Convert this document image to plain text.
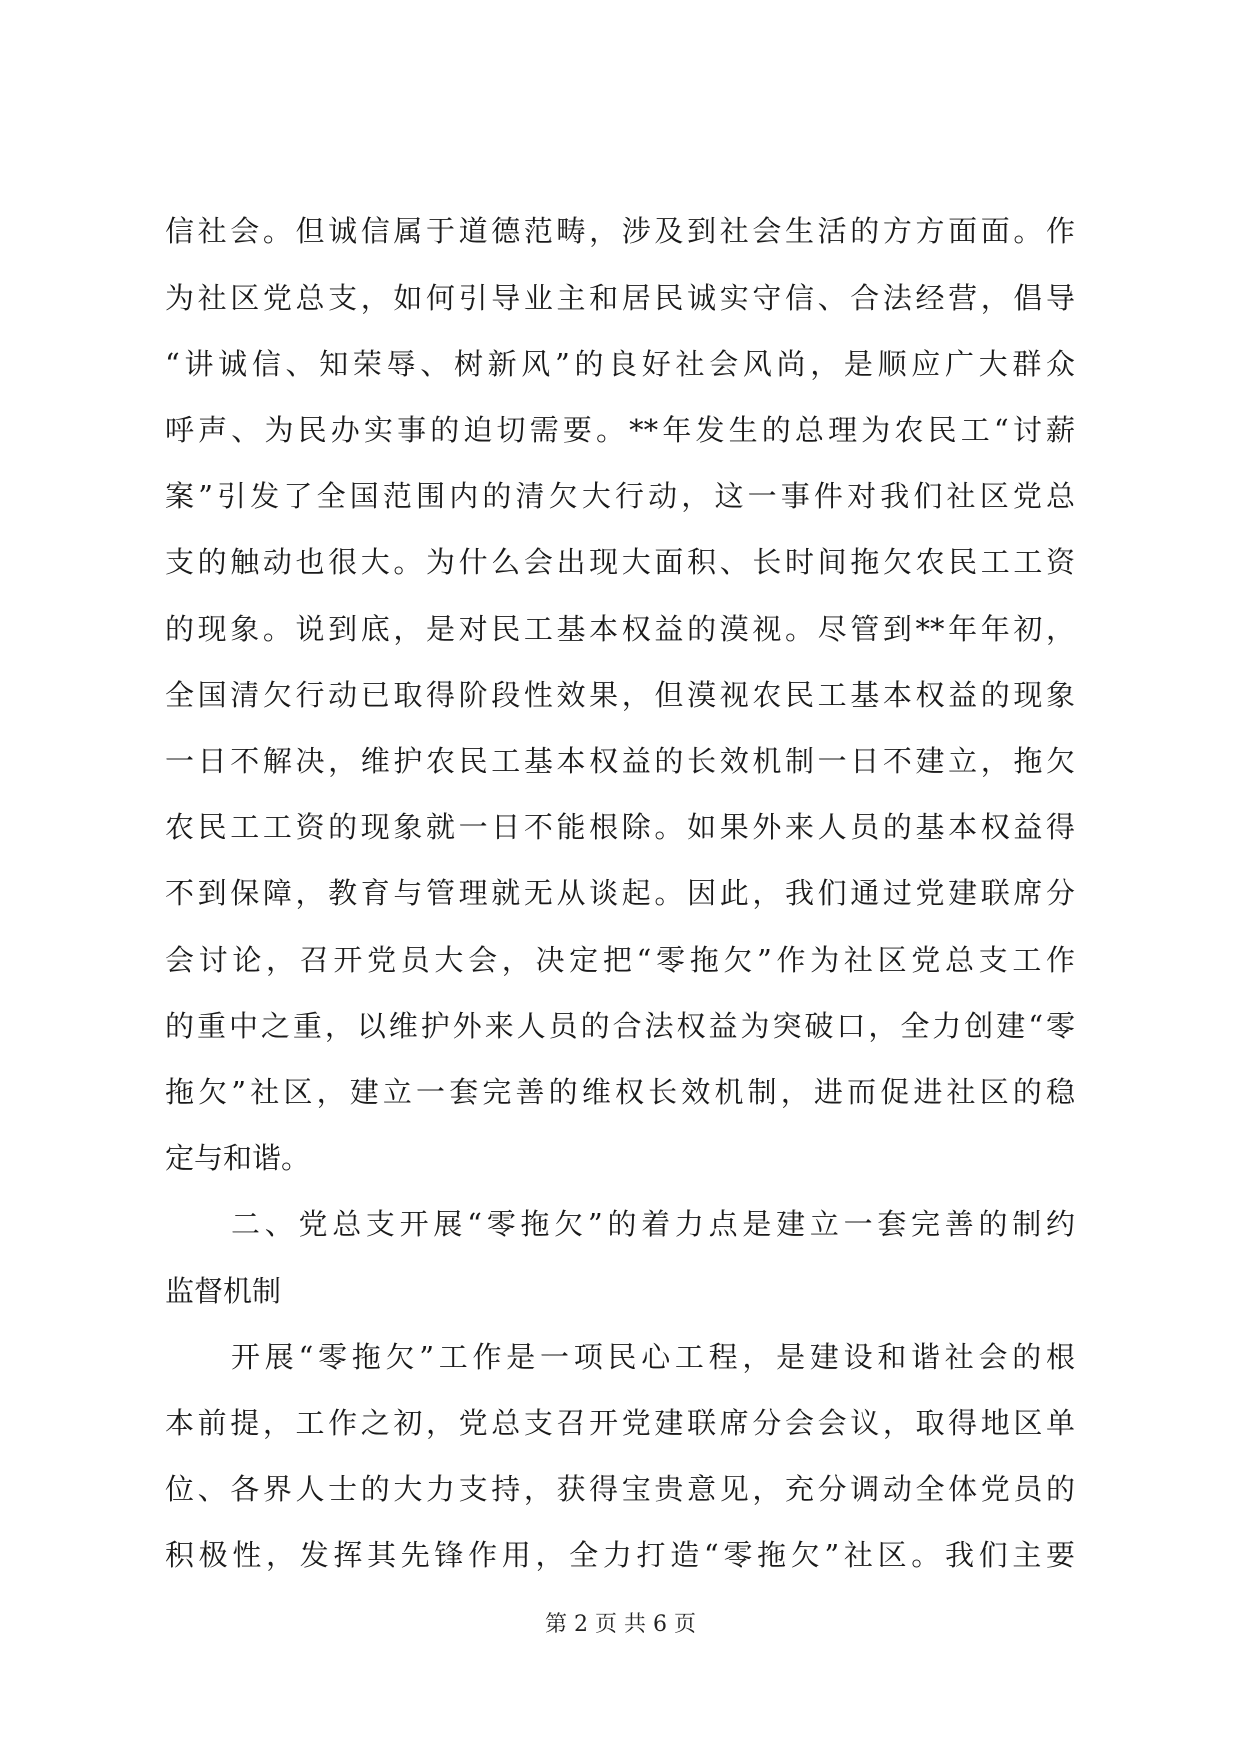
信社会。但诚信属于道德范畴，涉及到社会生活的方方面面。作
为社区党总支，如何引导业主和居民诚实守信、合法经营，倡导
“讲诚信、知荣辱、树新风”的良好社会风尚，是顺应广大群众
呼声、为民办实事的迫切需要。**年发生的总理为农民工“讨薪
案”引发了全国范围内的清欠大行动，这一事件对我们社区党总
支的触动也很大。为什么会出现大面积、长时间拖欠农民工工资
的现象。说到底，是对民工基本权益的漠视。尽管到**年年初，
全国清欠行动已取得阶段性效果，但漠视农民工基本权益的现象
一日不解决，维护农民工基本权益的长效机制一日不建立，拖欠
农民工工资的现象就一日不能根除。如果外来人员的基本权益得
不到保障，教育与管理就无从谈起。因此，我们通过党建联席分
会讨论，召开党员大会，决定把“零拖欠”作为社区党总支工作
的重中之重，以维护外来人员的合法权益为突破口，全力创建“零
拖欠”社区，建立一套完善的维权长效机制，进而促进社区的稳
定与和谐。
二、党总支开展“零拖欠”的着力点是建立一套完善的制约
监督机制
开展“零拖欠”工作是一项民心工程，是建设和谐社会的根
本前提，工作之初，党总支召开党建联席分会会议，取得地区单
位、各界人士的大力支持，获得宝贵意见，充分调动全体党员的
积极性，发挥其先锋作用，全力打造“零拖欠”社区。我们主要
第 2 页 共 6 页
